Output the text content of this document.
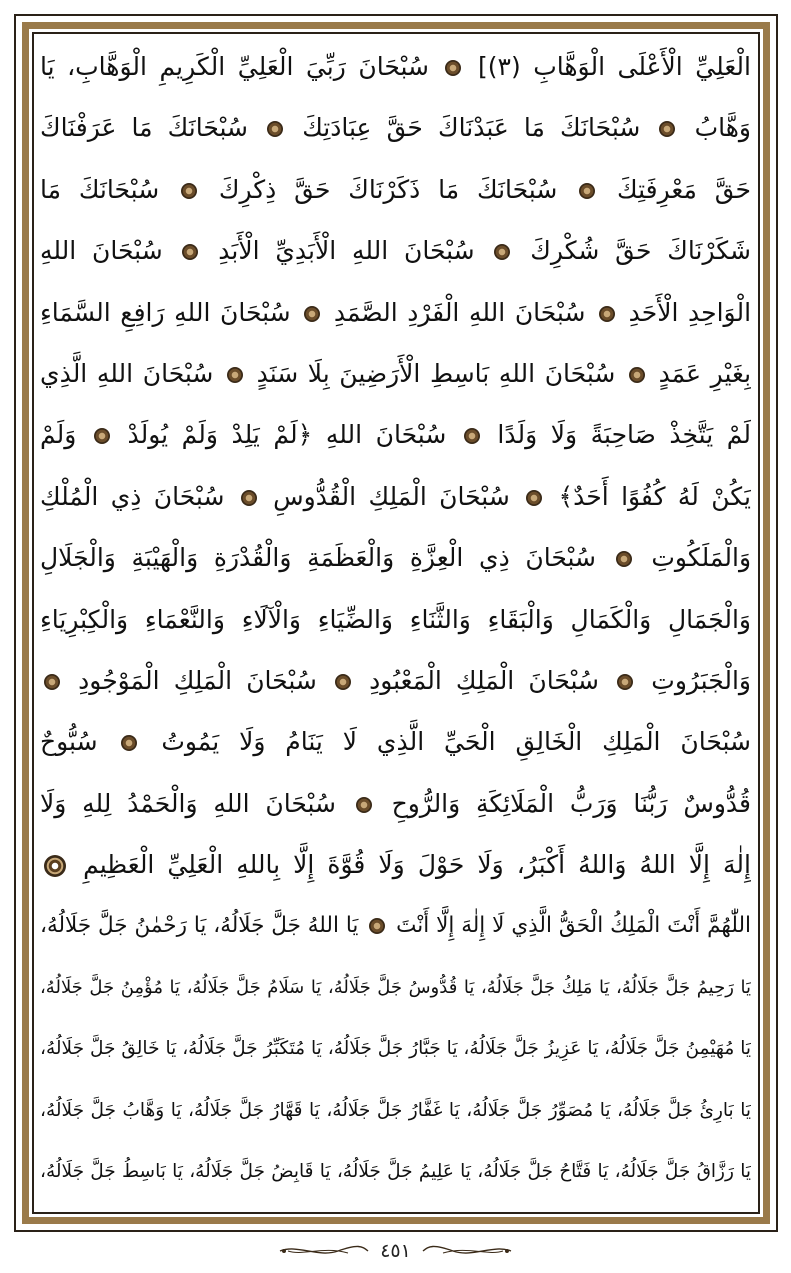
الْعَلِيِّ الْأَعْلَى الْوَهَّابِ (٣)]  سُبْحَانَ رَبِّيَ الْعَلِيِّ الْكَرِيمِ الْوَهَّابِ، يَا
وَهَّابُ  سُبْحَانَكَ مَا عَبَدْنَاكَ حَقَّ عِبَادَتِكَ  سُبْحَانَكَ مَا عَرَفْنَاكَ
حَقَّ مَعْرِفَتِكَ  سُبْحَانَكَ مَا ذَكَرْنَاكَ حَقَّ ذِكْرِكَ  سُبْحَانَكَ مَا
شَكَرْنَاكَ حَقَّ شُكْرِكَ  سُبْحَانَ اللهِ الْأَبَدِيِّ الْأَبَدِ  سُبْحَانَ اللهِ
الْوَاحِدِ الْأَحَدِ  سُبْحَانَ اللهِ الْفَرْدِ الصَّمَدِ  سُبْحَانَ اللهِ رَافِعِ السَّمَاءِ
بِغَيْرِ عَمَدٍ  سُبْحَانَ اللهِ بَاسِطِ الْأَرَضِينَ بِلَا سَنَدٍ  سُبْحَانَ اللهِ الَّذِي
لَمْ يَتَّخِذْ صَاحِبَةً وَلَا وَلَدًا  سُبْحَانَ اللهِ ﴿لَمْ يَلِدْ وَلَمْ يُولَدْ  وَلَمْ
يَكُنْ لَهُ كُفُوًا أَحَدٌ﴾  سُبْحَانَ الْمَلِكِ الْقُدُّوسِ  سُبْحَانَ ذِي الْمُلْكِ
وَالْمَلَكُوتِ  سُبْحَانَ ذِي الْعِزَّةِ وَالْعَظَمَةِ وَالْقُدْرَةِ وَالْهَيْبَةِ وَالْجَلَالِ
وَالْجَمَالِ وَالْكَمَالِ وَالْبَقَاءِ وَالثَّنَاءِ وَالضِّيَاءِ وَالْآلَاءِ وَالنَّعْمَاءِ وَالْكِبْرِيَاءِ
وَالْجَبَرُوتِ  سُبْحَانَ الْمَلِكِ الْمَعْبُودِ  سُبْحَانَ الْمَلِكِ الْمَوْجُودِ
سُبْحَانَ الْمَلِكِ الْخَالِقِ الْحَيِّ الَّذِي لَا يَنَامُ وَلَا يَمُوتُ  سُبُّوحٌ
قُدُّوسٌ رَبُّنَا وَرَبُّ الْمَلَائِكَةِ وَالرُّوحِ  سُبْحَانَ اللهِ وَالْحَمْدُ لِلهِ وَلَا
إِلٰهَ إِلَّا اللهُ وَاللهُ أَكْبَرُ، وَلَا حَوْلَ وَلَا قُوَّةَ إِلَّا بِاللهِ الْعَلِيِّ الْعَظِيمِ
اللّٰهُمَّ أَنْتَ الْمَلِكُ الْحَقُّ الَّذِي لَا إِلٰهَ إِلَّا أَنْتَ  يَا اللهُ جَلَّ جَلَالُهُ، يَا رَحْمٰنُ جَلَّ جَلَالُهُ،
يَا رَحِيمُ جَلَّ جَلَالُهُ، يَا مَلِكُ جَلَّ جَلَالُهُ، يَا قُدُّوسُ جَلَّ جَلَالُهُ، يَا سَلَامُ جَلَّ جَلَالُهُ، يَا مُؤْمِنُ جَلَّ جَلَالُهُ،
يَا مُهَيْمِنُ جَلَّ جَلَالُهُ، يَا عَزِيزُ جَلَّ جَلَالُهُ، يَا جَبَّارُ جَلَّ جَلَالُهُ، يَا مُتَكَبِّرُ جَلَّ جَلَالُهُ، يَا خَالِقُ جَلَّ جَلَالُهُ،
يَا بَارِئُ جَلَّ جَلَالُهُ، يَا مُصَوِّرُ جَلَّ جَلَالُهُ، يَا غَفَّارُ جَلَّ جَلَالُهُ، يَا قَهَّارُ جَلَّ جَلَالُهُ، يَا وَهَّابُ جَلَّ جَلَالُهُ،
يَا رَزَّاقُ جَلَّ جَلَالُهُ، يَا فَتَّاحُ جَلَّ جَلَالُهُ، يَا عَلِيمُ جَلَّ جَلَالُهُ، يَا قَابِضُ جَلَّ جَلَالُهُ، يَا بَاسِطُ جَلَّ جَلَالُهُ،
٤٥١
